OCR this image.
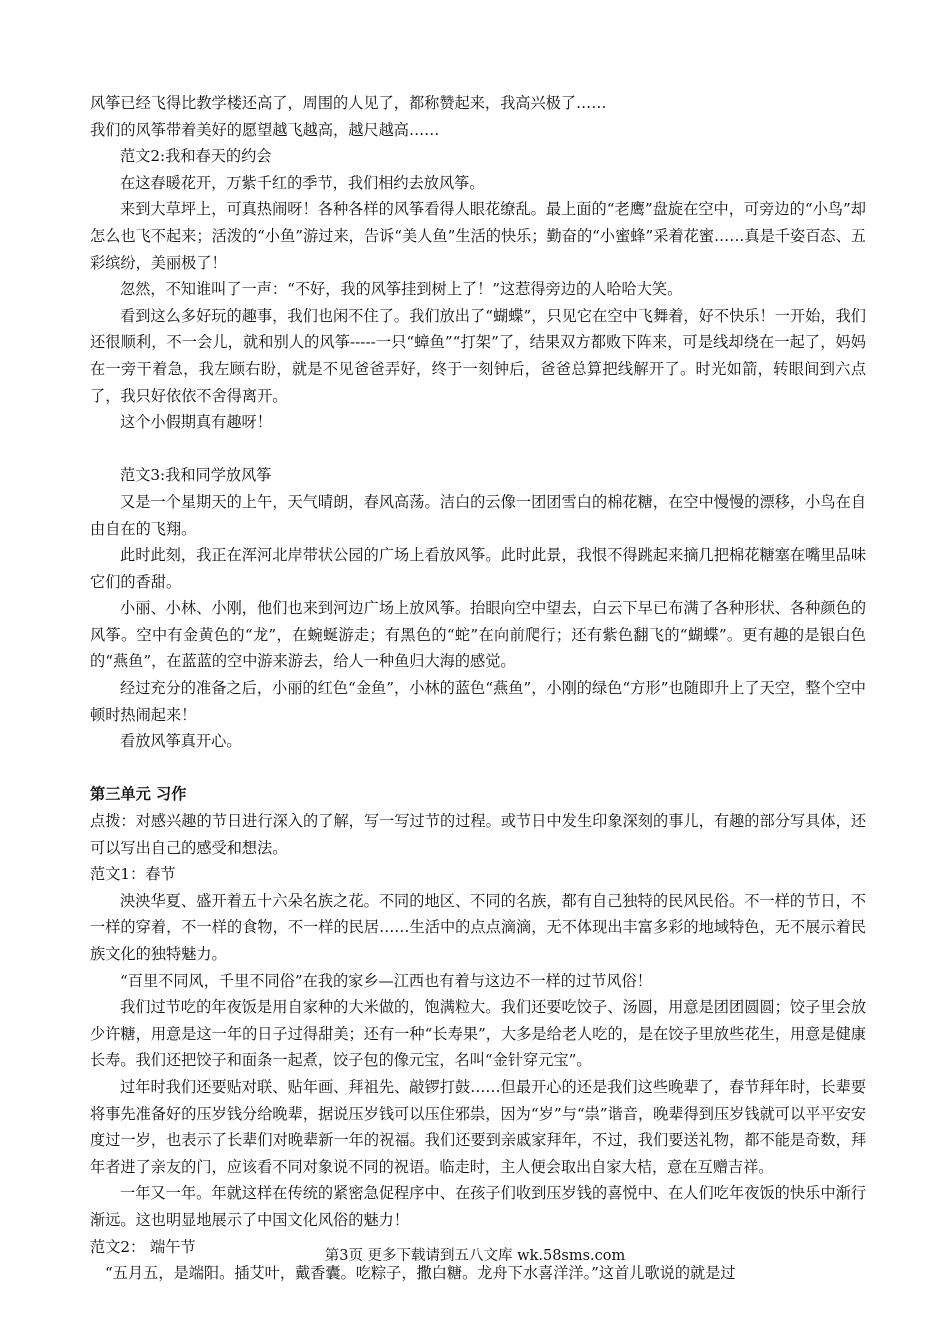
风筝已经飞得比教学楼还高了，周围的人见了，都称赞起来，我高兴极了……

我们的风筝带着美好的愿望越飞越高，越尺越高……

范文2:我和春天的约会

在这春暖花开，万紫千红的季节，我们相约去放风筝。

来到大草坪上，可真热闹呀！各种各样的风筝看得人眼花缭乱。最上面的“老鹰”盘旋在空中，可旁边的“小鸟”却怎么也飞不起来；活泼的“小鱼”游过来，告诉“美人鱼”生活的快乐；勤奋的“小蜜蜂”采着花蜜……真是千姿百态、五彩缤纷，美丽极了！

忽然，不知谁叫了一声：“不好，我的风筝挂到树上了！”这惹得旁边的人哈哈大笑。

看到这么多好玩的趣事，我们也闲不住了。我们放出了“蝴蝶”，只见它在空中飞舞着，好不快乐！一开始，我们还很顺利，不一会儿，就和别人的风筝-----一只“蟑鱼”“打架”了，结果双方都败下阵来，可是线却绕在一起了，妈妈在一旁干着急，我左顾右盼，就是不见爸爸弄好，终于一刻钟后，爸爸总算把线解开了。时光如箭，转眼间到六点了，我只好依依不舍得离开。

这个小假期真有趣呀！

范文3:我和同学放风筝

又是一个星期天的上午，天气晴朗，春风高荡。洁白的云像一团团雪白的棉花糖，在空中慢慢的漂移，小鸟在自由自在的飞翔。

此时此刻，我正在浑河北岸带状公园的广场上看放风筝。此时此景，我恨不得跳起来摘几把棉花糖塞在嘴里品味它们的香甜。

小丽、小林、小刚，他们也来到河边广场上放风筝。抬眼向空中望去，白云下早已布满了各种形状、各种颜色的风筝。空中有金黄色的“龙”，在蜿蜒游走；有黑色的“蛇”在向前爬行；还有紫色翻飞的“蝴蝶”。更有趣的是银白色的“燕鱼”，在蓝蓝的空中游来游去，给人一种鱼归大海的感觉。

经过充分的准备之后，小丽的红色“金鱼”，小林的蓝色“燕鱼”，小刚的绿色“方形”也随即升上了天空，整个空中顿时热闹起来！

看放风筝真开心。

第三单元 习作

点拨：对感兴趣的节日进行深入的了解，写一写过节的过程。或节日中发生印象深刻的事儿，有趣的部分写具体，还可以写出自己的感受和想法。

范文1：春节

泱泱华夏、盛开着五十六朵名族之花。不同的地区、不同的名族，都有自己独特的民风民俗。不一样的节日，不一样的穿着，不一样的食物，不一样的民居……生活中的点点滴滴，无不体现出丰富多彩的地域特色，无不展示着民族文化的独特魅力。

“百里不同风，千里不同俗”在我的家乡—江西也有着与这边不一样的过节风俗！

我们过节吃的年夜饭是用自家种的大米做的，饱满粒大。我们还要吃饺子、汤圆，用意是团团圆圆；饺子里会放少许糖，用意是这一年的日子过得甜美；还有一种“长寿果”，大多是给老人吃的，是在饺子里放些花生，用意是健康长寿。我们还把饺子和面条一起煮，饺子包的像元宝，名叫“金针穿元宝”。

过年时我们还要贴对联、贴年画、拜祖先、敲锣打鼓……但最开心的还是我们这些晚辈了，春节拜年时，长辈要将事先准备好的压岁钱分给晚辈，据说压岁钱可以压住邪祟，因为“岁”与“祟”谐音，晚辈得到压岁钱就可以平平安安度过一岁，也表示了长辈们对晚辈新一年的祝福。我们还要到亲戚家拜年，不过，我们要送礼物，都不能是奇数，拜年者进了亲友的门，应该看不同对象说不同的祝语。临走时，主人便会取出自家大桔，意在互赠吉祥。

一年又一年。年就这样在传统的紧密急促程序中、在孩子们收到压岁钱的喜悦中、在人们吃年夜饭的快乐中渐行渐远。这也明显地展示了中国文化风俗的魅力！

范文2： 端午节

“五月五，是端阳。插艾叶，戴香囊。吃粽子，撒白糖。龙舟下水喜洋洋。”这首儿歌说的就是过

第3页 更多下载请到五八文库 wk.58sms.com
